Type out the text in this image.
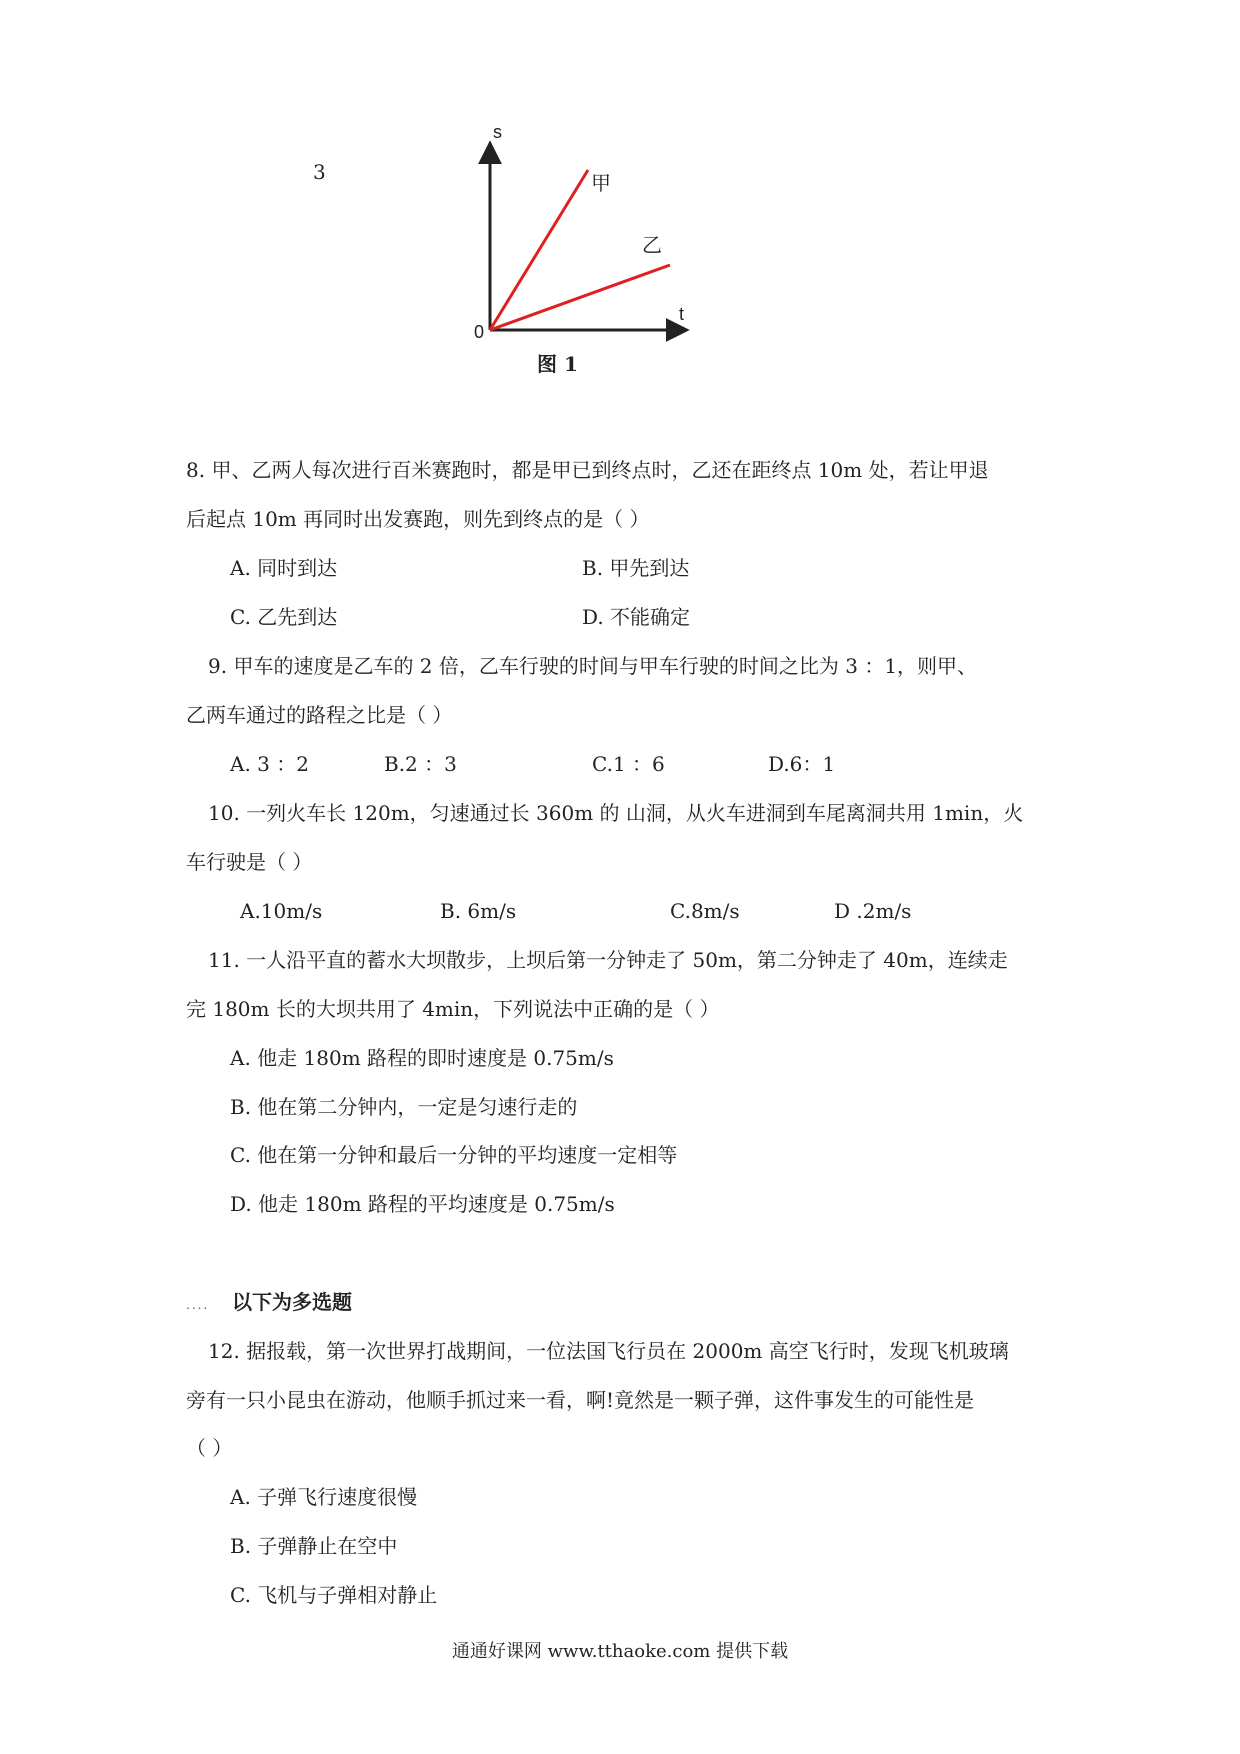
3
s
t
0
甲
乙
图 1
8. 甲、乙两人每次进行百米赛跑时，都是甲已到终点时，乙还在距终点 10m 处，若让甲退
后起点 10m 再同时出发赛跑，则先到终点的是（ ）
A. 同时到达	B. 甲先到达
C. 乙先到达	D. 不能确定
9. 甲车的速度是乙车的 2 倍，乙车行驶的时间与甲车行驶的时间之比为 3 ：1，则甲、
乙两车通过的路程之比是（ ）
A. 3 ：2	B.2 ：3	C.1 ：6	D.6：1
10. 一列火车长 120m，匀速通过长 360m 的 山洞，从火车进洞到车尾离洞共用 1min，火
车行驶是（ ）
A.10m/s	B. 6m/s	C.8m/s	D .2m/s
11. 一人沿平直的蓄水大坝散步，上坝后第一分钟走了 50m，第二分钟走了 40m，连续走
完 180m 长的大坝共用了 4min，下列说法中正确的是（ ）
A. 他走 180m 路程的即时速度是 0.75m/s
B. 他在第二分钟内，一定是匀速行走的
C. 他在第一分钟和最后一分钟的平均速度一定相等
D. 他走 180m 路程的平均速度是 0.75m/s
.... 以下为多选题
12. 据报载，第一次世界打战期间，一位法国飞行员在 2000m 高空飞行时，发现飞机玻璃
旁有一只小昆虫在游动，他顺手抓过来一看，啊!竟然是一颗子弹，这件事发生的可能性是
（ ）
A. 子弹飞行速度很慢
B. 子弹静止在空中
C. 飞机与子弹相对静止
通通好课网 www.tthaoke.com 提供下载
